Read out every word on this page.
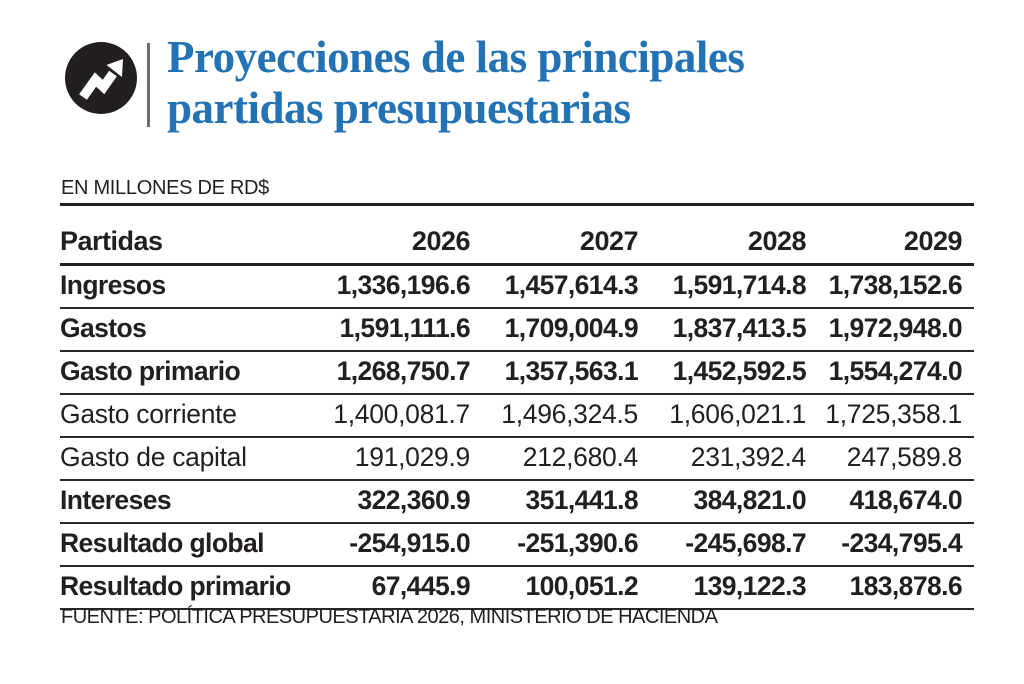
Proyecciones de las principales
partidas presupuestarias
EN MILLONES DE RD$
Partidas	2026	2027	2028	2029
Ingresos	1,336,196.6	1,457,614.3	1,591,714.8	1,738,152.6
Gastos	1,591,111.6	1,709,004.9	1,837,413.5	1,972,948.0
Gasto primario	1,268,750.7	1,357,563.1	1,452,592.5	1,554,274.0
Gasto corriente	1,400,081.7	1,496,324.5	1,606,021.1	1,725,358.1
Gasto de capital	191,029.9	212,680.4	231,392.4	247,589.8
Intereses	322,360.9	351,441.8	384,821.0	418,674.0
Resultado global	-254,915.0	-251,390.6	-245,698.7	-234,795.4
Resultado primario	67,445.9	100,051.2	139,122.3	183,878.6
FUENTE: POLÍTICA PRESUPUESTARIA 2026, MINISTERIO DE HACIENDA
